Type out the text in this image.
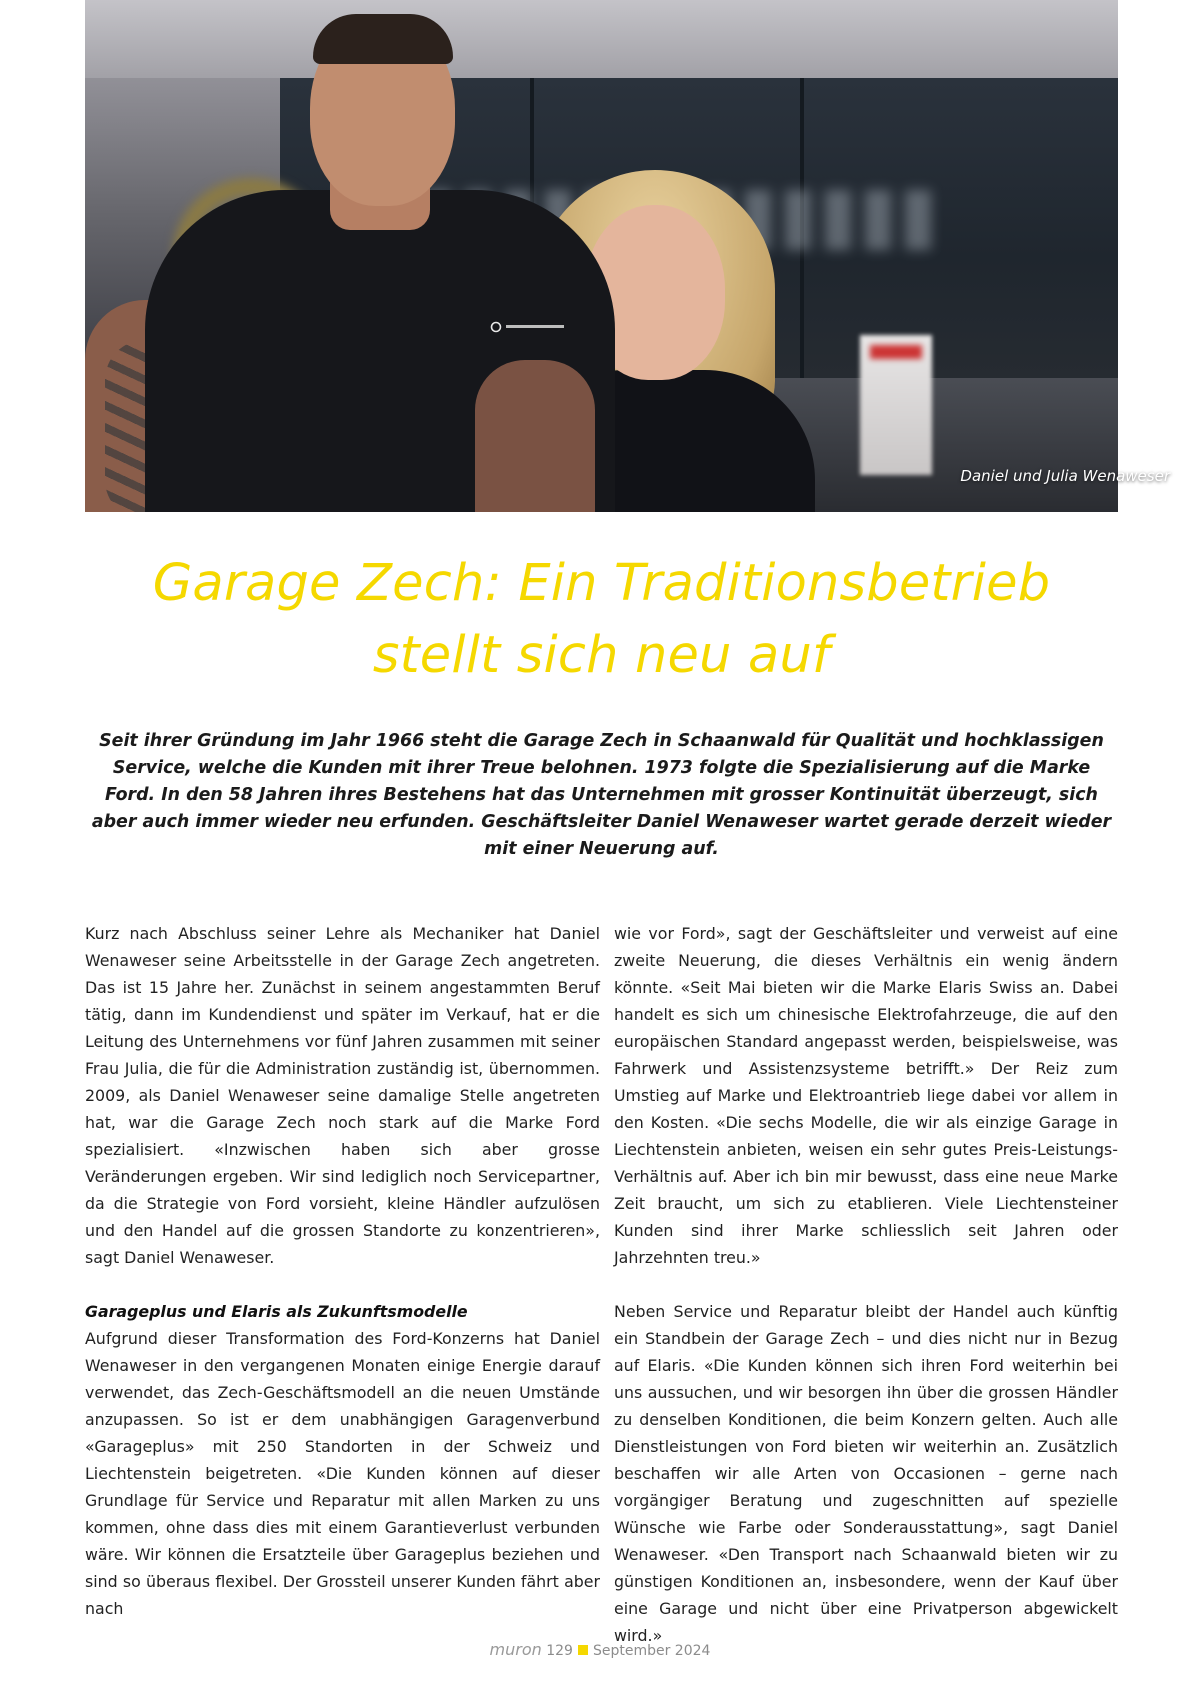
Daniel und Julia Wenaweser
Garage Zech: Ein Traditionsbetrieb
stellt sich neu auf

Seit ihrer Gründung im Jahr 1966 steht die Garage Zech in Schaanwald für Qualität und hochklassigen Service, welche die Kunden mit ihrer Treue belohnen. 1973 folgte die Spezialisierung auf die Marke Ford. In den 58 Jahren ihres Bestehens hat das Unternehmen mit grosser Kontinuität überzeugt, sich aber auch immer wieder neu erfunden. Geschäftsleiter Daniel Wenaweser wartet gerade derzeit wieder mit einer Neuerung auf.

Kurz nach Abschluss seiner Lehre als Mechaniker hat Daniel Wenaweser seine Arbeitsstelle in der Garage Zech angetreten. Das ist 15 Jahre her. Zunächst in seinem angestammten Beruf tätig, dann im Kundendienst und später im Verkauf, hat er die Leitung des Unternehmens vor fünf Jahren zusammen mit seiner Frau Julia, die für die Administration zuständig ist, übernommen. 2009, als Daniel Wenaweser seine damalige Stelle angetreten hat, war die Garage Zech noch stark auf die Marke Ford spezialisiert. «Inzwischen haben sich aber grosse Veränderungen ergeben. Wir sind lediglich noch Servicepartner, da die Strategie von Ford vorsieht, kleine Händler aufzulösen und den Handel auf die grossen Standorte zu konzentrieren», sagt Daniel Wenaweser.

Garageplus und Elaris als Zukunftsmodelle

Aufgrund dieser Transformation des Ford-Konzerns hat Daniel Wenaweser in den vergangenen Monaten einige Energie darauf verwendet, das Zech-Geschäftsmodell an die neuen Umstände anzupassen. So ist er dem unabhängigen Garagenverbund «Garageplus» mit 250 Standorten in der Schweiz und Liechtenstein beigetreten. «Die Kunden können auf dieser Grundlage für Service und Reparatur mit allen Marken zu uns kommen, ohne dass dies mit einem Garantieverlust verbunden wäre. Wir können die Ersatzteile über Garageplus beziehen und sind so überaus flexibel. Der Grossteil unserer Kunden fährt aber nach

wie vor Ford», sagt der Geschäftsleiter und verweist auf eine zweite Neuerung, die dieses Verhältnis ein wenig ändern könnte. «Seit Mai bieten wir die Marke Elaris Swiss an. Dabei handelt es sich um chinesische Elektrofahrzeuge, die auf den europäischen Standard angepasst werden, beispielsweise, was Fahrwerk und Assistenzsysteme betrifft.» Der Reiz zum Umstieg auf Marke und Elektroantrieb liege dabei vor allem in den Kosten. «Die sechs Modelle, die wir als einzige Garage in Liechtenstein anbieten, weisen ein sehr gutes Preis-Leistungs-Verhältnis auf. Aber ich bin mir bewusst, dass eine neue Marke Zeit braucht, um sich zu etablieren. Viele Liechtensteiner Kunden sind ihrer Marke schliesslich seit Jahren oder Jahrzehnten treu.»

Neben Service und Reparatur bleibt der Handel auch künftig ein Standbein der Garage Zech – und dies nicht nur in Bezug auf Elaris. «Die Kunden können sich ihren Ford weiterhin bei uns aussuchen, und wir besorgen ihn über die grossen Händler zu denselben Konditionen, die beim Konzern gelten. Auch alle Dienstleistungen von Ford bieten wir weiterhin an. Zusätzlich beschaffen wir alle Arten von Occasionen – gerne nach vorgängiger Beratung und zugeschnitten auf spezielle Wünsche wie Farbe oder Sonderausstattung», sagt Daniel Wenaweser. «Den Transport nach Schaanwald bieten wir zu günstigen Konditionen an, insbesondere, wenn der Kauf über eine Garage und nicht über eine Privatperson abgewickelt wird.»

muron 129 September 2024
